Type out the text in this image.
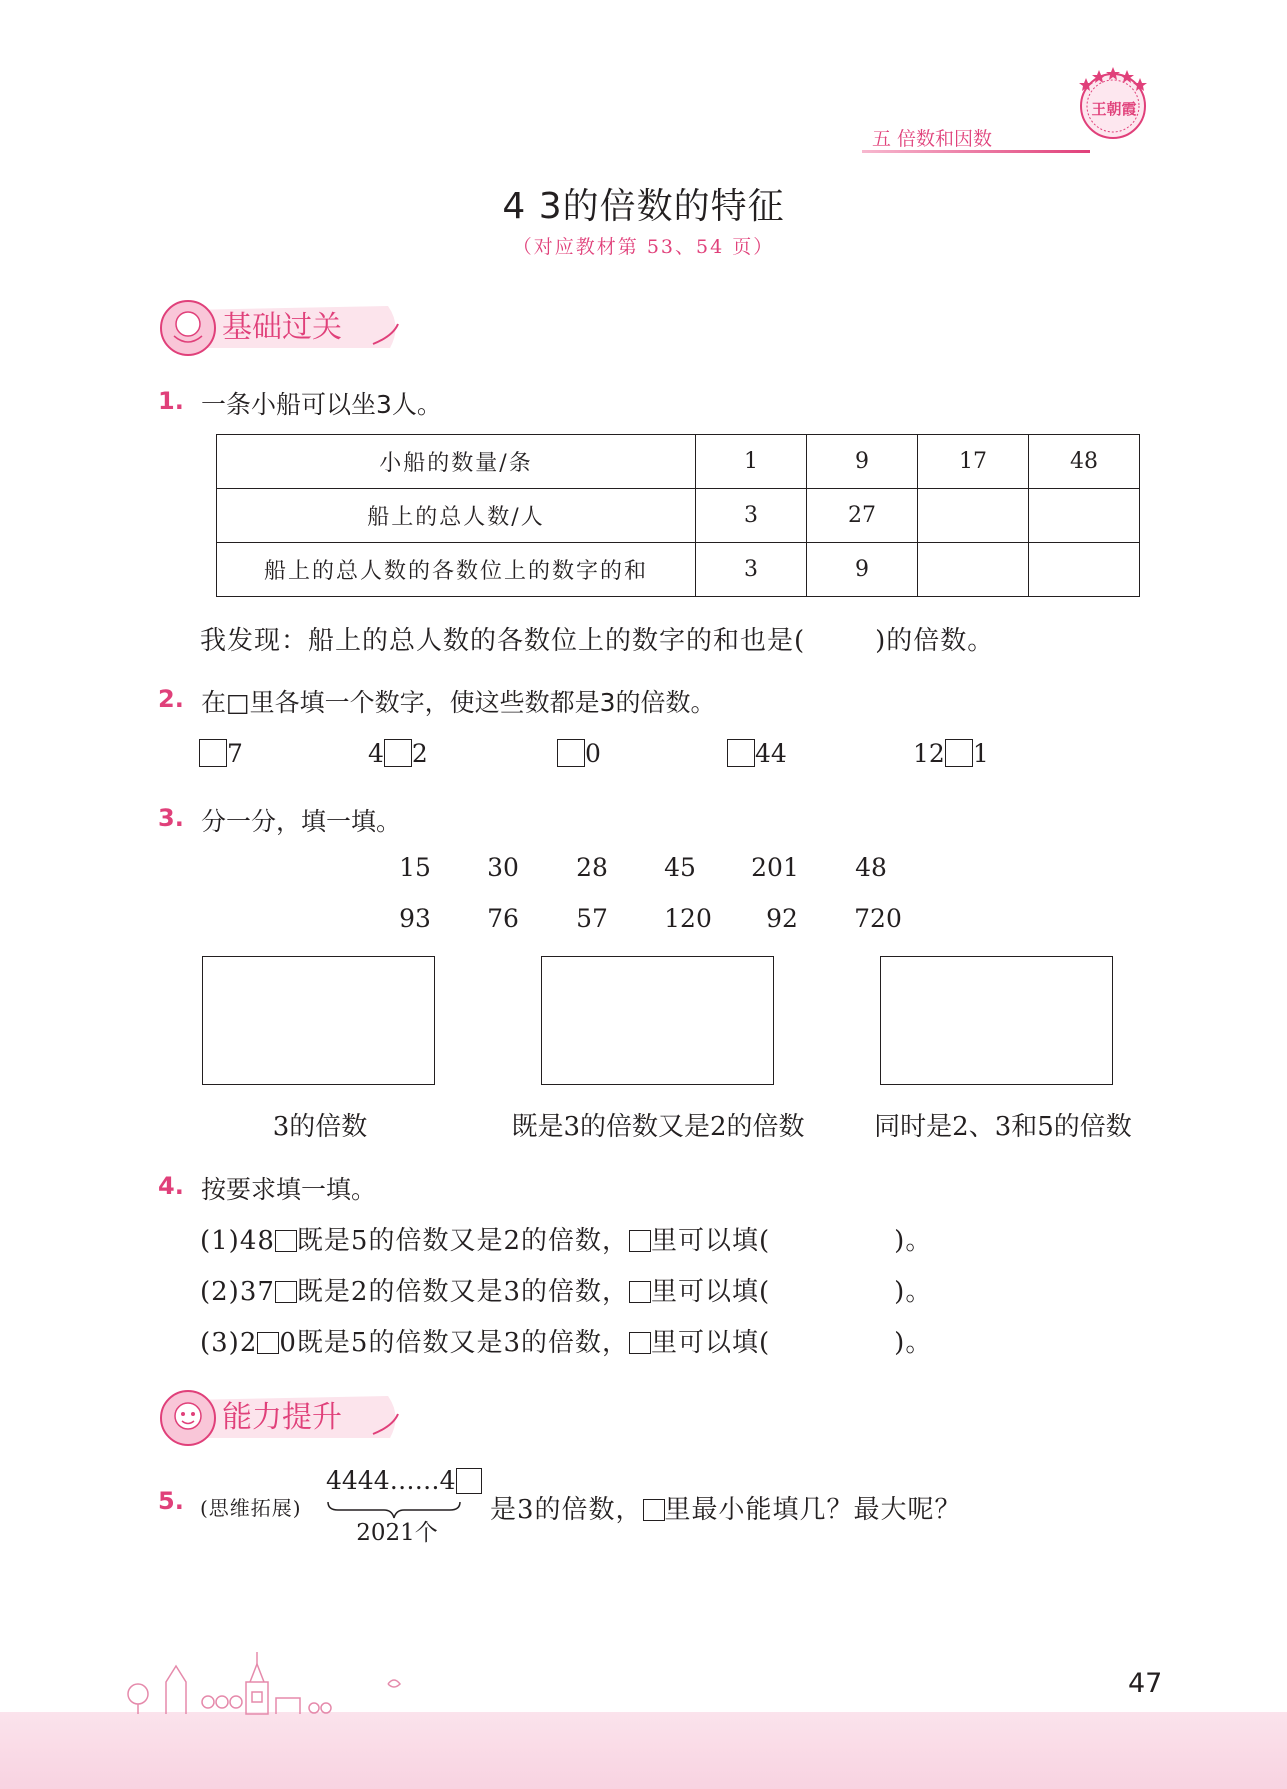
五 倍数和因数
王朝霞
4 3的倍数的特征
（对应教材第 53、54 页）
基础过关
1. 一条小船可以坐3人。
小船的数量/条	1	9	17	48
船上的总人数/人	3	27		
船上的总人数的各数位上的数字的和	3	9		
我发现：船上的总人数的各数位上的数字的和也是(	)的倍数。
2. 在□里各填一个数字，使这些数都是3的倍数。
7	4 2	0	44	12 1
3. 分一分，填一填。
15	30	28	45	201	48
93	76	57	120	92	720
3的倍数	既是3的倍数又是2的倍数	同时是2、3和5的倍数
4. 按要求填一填。
(1)48 既是5的倍数又是2的倍数， 里可以填(	)。
(2)37 既是2的倍数又是3的倍数， 里可以填(	)。
(3)2 0既是5的倍数又是3的倍数， 里可以填(	)。
能力提升
5. (思维拓展)
4444……4
2021个
是3的倍数， 里最小能填几？最大呢？
47
